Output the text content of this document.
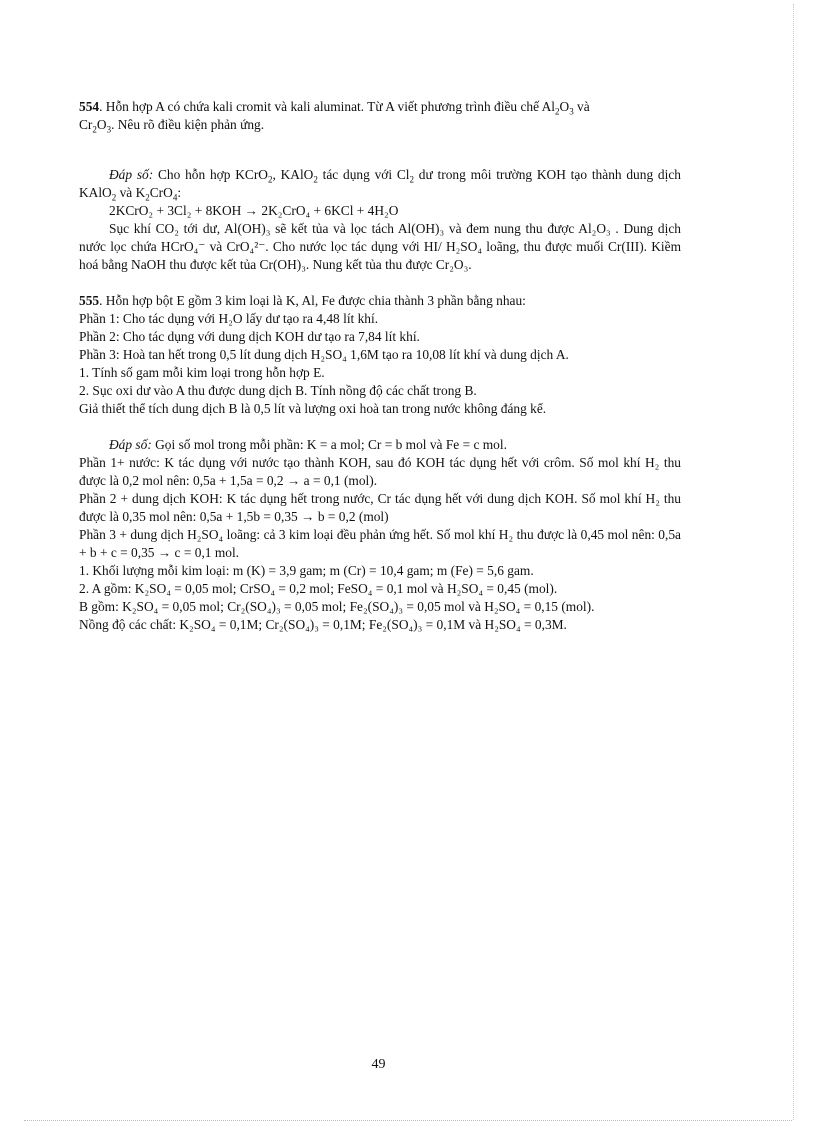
554. Hỗn hợp A có chứa kali cromit và kali aluminat. Từ A viết phương trình điều chế $Al_2O_3$ và
$Cr_2O_3$. Nêu rõ điều kiện phản ứng.

Đáp số: Cho hỗn hợp KCrO$_2$, KAlO$_2$ tác dụng với $Cl_2$ dư trong môi trường KOH tạo thành dung dịch KAlO$_2$ và $K_2CrO_4$:

2KCrO₂ + 3Cl₂ + 8KOH → 2K₂CrO₄ + 6KCl + 4H₂O

Sục khí CO₂ tới dư, Al(OH)₃ sẽ kết tủa và lọc tách Al(OH)₃ và đem nung thu được Al₂O₃ . Dung dịch nước lọc chứa HCrO₄⁻ và CrO₄²⁻. Cho nước lọc tác dụng với HI/ H₂SO₄ loãng, thu được muối Cr(III). Kiềm hoá bằng NaOH thu được kết tủa Cr(OH)₃. Nung kết tủa thu được Cr₂O₃.

555. Hỗn hợp bột E gồm 3 kim loại là K, Al, Fe được chia thành 3 phần bằng nhau:

Phần 1: Cho tác dụng với H₂O lấy dư tạo ra 4,48 lít khí.

Phần 2: Cho tác dụng với dung dịch KOH dư tạo ra 7,84 lít khí.

Phần 3: Hoà tan hết trong 0,5 lít dung dịch H₂SO₄ 1,6M tạo ra 10,08 lít khí và dung dịch A.

1. Tính số gam mỗi kim loại trong hỗn hợp E.

2. Sục oxi dư vào A thu được dung dịch B. Tính nồng độ các chất trong B.

Giả thiết thể tích dung dịch B là 0,5 lít và lượng oxi hoà tan trong nước không đáng kể.

Đáp số: Gọi số mol trong mỗi phần: K = a mol; Cr = b mol và Fe = c mol.

Phần 1+ nước: K tác dụng với nước tạo thành KOH, sau đó KOH tác dụng hết với crôm. Số mol khí H₂ thu được là 0,2 mol nên: 0,5a + 1,5a = 0,2 → a = 0,1 (mol).

Phần 2 + dung dịch KOH: K tác dụng hết trong nước, Cr tác dụng hết với dung dịch KOH. Số mol khí H₂ thu được là 0,35 mol nên: 0,5a + 1,5b = 0,35 → b = 0,2 (mol)

Phần 3 + dung dịch H₂SO₄ loãng: cả 3 kim loại đều phản ứng hết. Số mol khí H₂ thu được là 0,45 mol nên: 0,5a + b + c = 0,35 → c = 0,1 mol.

1. Khối lượng mỗi kim loại: m (K) = 3,9 gam; m (Cr) = 10,4 gam; m (Fe) = 5,6 gam.

2. A gồm: K₂SO₄ = 0,05 mol; CrSO₄ = 0,2 mol; FeSO₄ = 0,1 mol và H₂SO₄ = 0,45 (mol).

B gồm: K₂SO₄ = 0,05 mol; Cr₂(SO₄)₃ = 0,05 mol; Fe₂(SO₄)₃ = 0,05 mol và H₂SO₄ = 0,15 (mol).

Nồng độ các chất: K₂SO₄ = 0,1M; Cr₂(SO₄)₃ = 0,1M; Fe₂(SO₄)₃ = 0,1M và H₂SO₄ = 0,3M.

49
